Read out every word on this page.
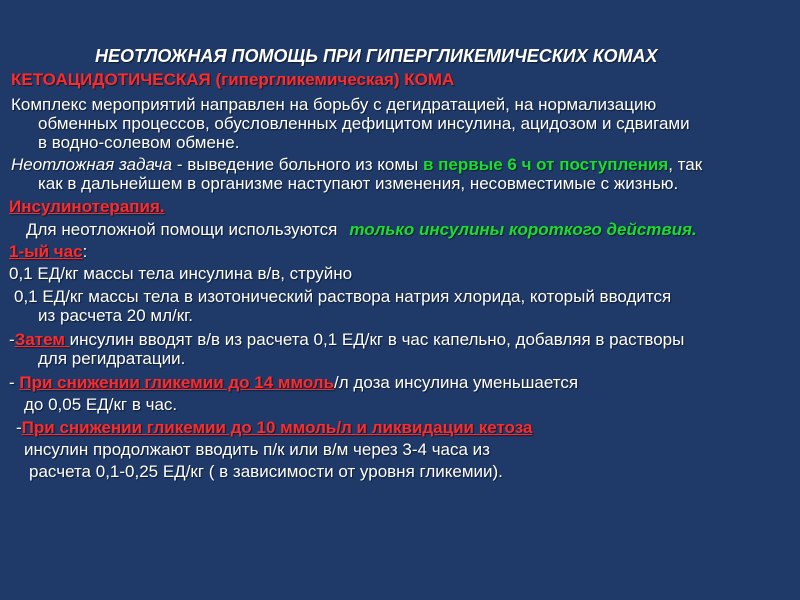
НЕОТЛОЖНАЯ ПОМОЩЬ ПРИ ГИПЕРГЛИКЕМИЧЕСКИХ КОМАХ
КЕТОАЦИДОТИЧЕСКАЯ (гипергликемическая) КОМА
Комплекс мероприятий направлен на борьбу с дегидратацией, на нормализацию
обменных процессов, обусловленных дефицитом инсулина, ацидозом и сдвигами
в водно-солевом обмене.
Неотложная задача - выведение больного из комы в первые 6 ч от поступления, так
как в дальнейшем в организме наступают изменения, несовместимые с жизнью.
Инсулинотерапия.
Для неотложной помощи используются только инсулины короткого действия.
1-ый час:
0,1 ЕД/кг массы тела инсулина в/в, струйно
0,1 ЕД/кг массы тела в изотонический раствора натрия хлорида, который вводится
из расчета 20 мл/кг.
-Затем инсулин вводят в/в из расчета 0,1 ЕД/кг в час капельно, добавляя в растворы
для регидратации.
- При снижении гликемии до 14 ммоль/л доза инсулина уменьшается
до 0,05 ЕД/кг в час.
-При снижении гликемии до 10 ммоль/л и ликвидации кетоза
инсулин продолжают вводить п/к или в/м через 3-4 часа из
расчета 0,1-0,25 ЕД/кг ( в зависимости от уровня гликемии).
